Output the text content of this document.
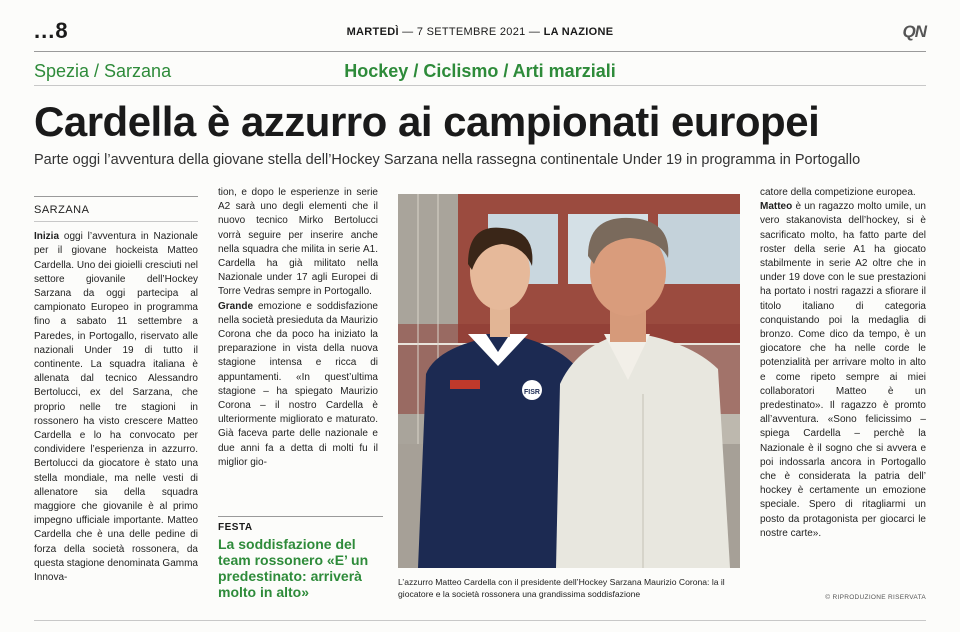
...8	MARTEDÌ — 7 SETTEMBRE 2021 — LA NAZIONE	QN
Spezia / Sarzana	Hockey / Ciclismo / Arti marziali
Cardella è azzurro ai campionati europei
Parte oggi l’avventura della giovane stella dell’Hockey Sarzana nella rassegna continentale Under 19 in programma in Portogallo
SARZANA

Inizia oggi l’avventura in Nazionale per il giovane hockeista Matteo Cardella. Uno dei gioielli cresciuti nel settore giovanile dell’Hockey Sarzana da oggi partecipa al campionato Europeo in programma fino a sabato 11 settembre a Paredes, in Portogallo, riservato alle nazionali Under 19 di tutto il continente. La squadra italiana è allenata dal tecnico Alessandro Bertolucci, ex del Sarzana, che proprio nelle tre stagioni in rossonero ha visto crescere Matteo Cardella e lo ha convocato per condividere l’esperienza in azzurro. Bertolucci da giocatore è stato una stella mondiale, ma nelle vesti di allenatore sia della squadra maggiore che giovanile è al primo impegno ufficiale importante. Matteo Cardella che è una delle pedine di forza della società rossonera, da questa stagione denominata Gamma Innova-

tion, e dopo le esperienze in serie A2 sarà uno degli elementi che il nuovo tecnico Mirko Bertolucci vorrà seguire per inserire anche nella squadra che milita in serie A1. Cardella ha già militato nella Nazionale under 17 agli Europei di Torre Vedras sempre in Portogallo.

Grande emozione e soddisfazione nella società presieduta da Maurizio Corona che da poco ha iniziato la preparazione in vista della nuova stagione intensa e ricca di appuntamenti. «In quest’ultima stagione – ha spiegato Maurizio Corona – il nostro Cardella è ulteriormente migliorato e maturato. Già faceva parte delle nazionale e due anni fa a detta di molti fu il miglior gio-

FESTA
La soddisfazione del team rossonero «E’ un predestinato: arriverà molto in alto»
FISR
L’azzurro Matteo Cardella con il presidente dell’Hockey Sarzana Maurizio Corona: la il giocatore e la società rossonera una grandissima soddisfazione

catore della competizione europea.

Matteo è un ragazzo molto umile, un vero stakanovista dell’hockey, si è sacrificato molto, ha fatto parte del roster della serie A1 ha giocato stabilmente in serie A2 oltre che in under 19 dove con le sue prestazioni ha portato i nostri ragazzi a sfiorare il titolo italiano di categoria conquistando poi la medaglia di bronzo. Come dico da tempo, è un giocatore che ha nelle corde le potenzialità per arrivare molto in alto e come ripeto sempre ai miei collaboratori Matteo è un predestinato». Il ragazzo è promto all’avventura. «Sono felicissimo – spiega Cardella – perchè la Nazionale è il sogno che si avvera e poi indossarla ancora in Portogallo che è considerata la patria dell’ hockey è certamente un emozione speciale. Spero di ritagliarmi un posto da protagonista per giocarci le nostre carte».

© RIPRODUZIONE RISERVATA
